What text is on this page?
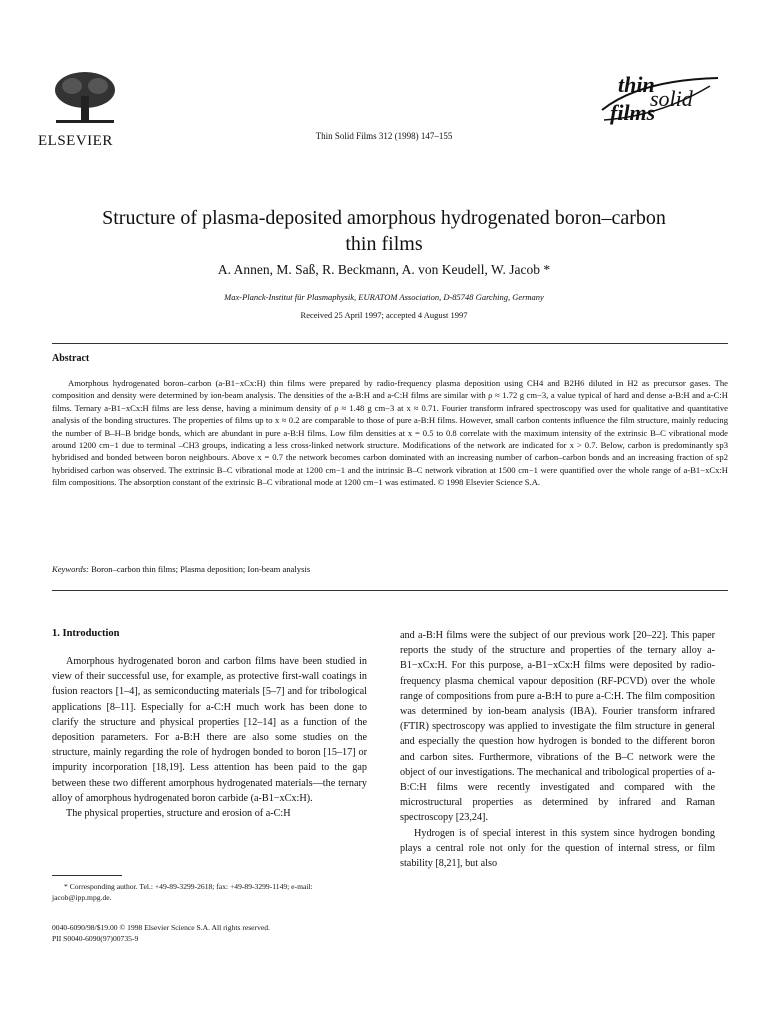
ELSEVIER	Thin Solid Films 312 (1998) 147–155
thin
solid
films
Structure of plasma-deposited amorphous hydrogenated boron–carbon
thin films
A. Annen, M. Saß, R. Beckmann, A. von Keudell, W. Jacob *
Max-Planck-Institut für Plasmaphysik, EURATOM Association, D-85748 Garching, Germany
Received 25 April 1997; accepted 4 August 1997
Abstract

Amorphous hydrogenated boron–carbon (a-B1−xCx:H) thin films were prepared by radio-frequency plasma deposition using CH4 and B2H6 diluted in H2 as precursor gases. The composition and density were determined by ion-beam analysis. The densities of the a-B:H and a-C:H films are similar with ρ ≈ 1.72 g cm−3, a value typical of hard and dense a-B:H and a-C:H films. Ternary a-B1−xCx:H films are less dense, having a minimum density of ρ ≈ 1.48 g cm−3 at x ≈ 0.71. Fourier transform infrared spectroscopy was used for qualitative and quantitative analysis of the bonding structures. The properties of films up to x ≈ 0.2 are comparable to those of pure a-B:H films. However, small carbon contents influence the film structure, mainly reducing the number of B–H–B bridge bonds, which are abundant in pure a-B:H films. Low film densities at x = 0.5 to 0.8 correlate with the maximum intensity of the extrinsic B–C vibrational mode around 1200 cm−1 due to terminal –CH3 groups, indicating a less cross-linked network structure. Modifications of the network are indicated for x > 0.7. Below, carbon is predominantly sp3 hybridised and bonded between boron neighbours. Above x = 0.7 the network becomes carbon dominated with an increasing number of carbon–carbon bonds and an increasing fraction of sp2 hybridised carbon was observed. The extrinsic B–C vibrational mode at 1200 cm−1 and the intrinsic B–C network vibration at 1500 cm−1 were quantified over the whole range of a-B1−xCx:H film compositions. The absorption constant of the extrinsic B–C vibrational mode at 1200 cm−1 was estimated. © 1998 Elsevier Science S.A.

Keywords: Boron–carbon thin films; Plasma deposition; Ion-beam analysis
1. Introduction

Amorphous hydrogenated boron and carbon films have been studied in view of their successful use, for example, as protective first-wall coatings in fusion reactors [1–4], as semiconducting materials [5–7] and for tribological applications [8–11]. Especially for a-C:H much work has been done to clarify the structure and physical properties [12–14] as a function of the deposition parameters. For a-B:H there are also some studies on the structure, mainly regarding the role of hydrogen bonded to boron [15–17] or impurity incorporation [18,19]. Less attention has been paid to the gap between these two different amorphous hydrogenated materials—the ternary alloy of amorphous hydrogenated boron carbide (a-B1−xCx:H).

The physical properties, structure and erosion of a-C:H

and a-B:H films were the subject of our previous work [20–22]. This paper reports the study of the structure and properties of the ternary alloy a-B1−xCx:H. For this purpose, a-B1−xCx:H films were deposited by radio-frequency plasma chemical vapour deposition (RF-PCVD) over the whole range of compositions from pure a-B:H to pure a-C:H. The film composition was determined by ion-beam analysis (IBA). Fourier transform infrared (FTIR) spectroscopy was applied to investigate the film structure in general and especially the question how hydrogen is bonded to the different boron and carbon sites. Furthermore, vibrations of the B–C network were the object of our investigations. The mechanical and tribological properties of a-B:C:H films were recently investigated and compared with the microstructural properties as determined by infrared and Raman spectroscopy [23,24].

Hydrogen is of special interest in this system since hydrogen bonding plays a central role not only for the question of internal stress, or film stability [8,21], but also

* Corresponding author. Tel.: +49-89-3299-2618; fax: +49-89-3299-1149; e-mail: jacob@ipp.mpg.de.

0040-6090/98/$19.00 © 1998 Elsevier Science S.A. All rights reserved.
PII S0040-6090(97)00735-9
